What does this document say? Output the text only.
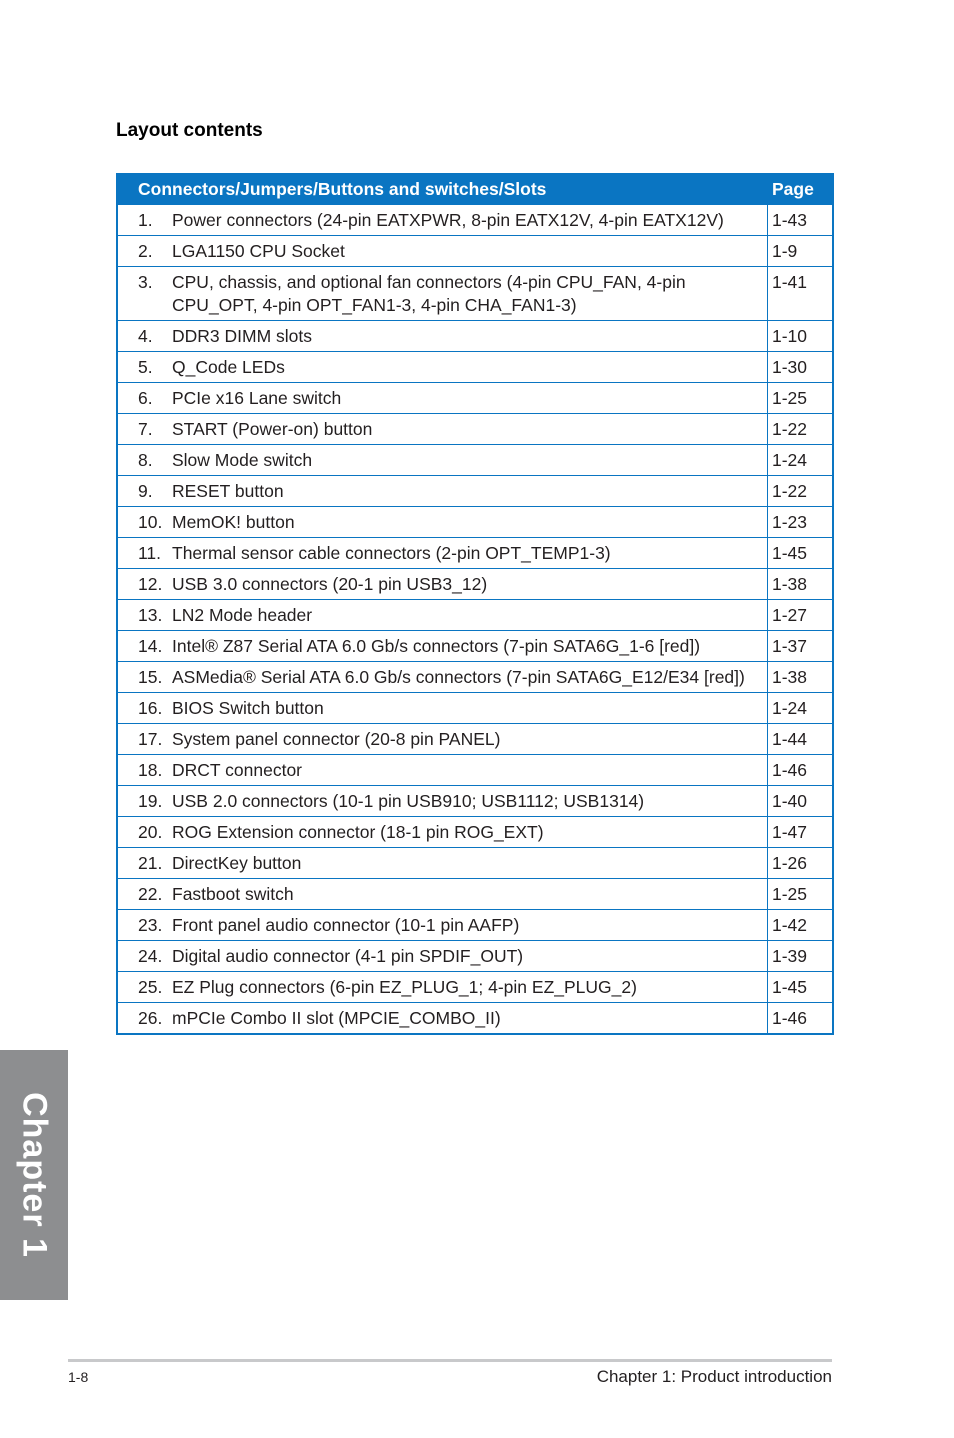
Layout contents
Connectors/Jumpers/Buttons and switches/Slots		Page
1.	Power connectors (24-pin EATXPWR, 8-pin EATX12V, 4-pin EATX12V)	1-43
2.	LGA1150 CPU Socket	1-9
3.	CPU, chassis, and optional fan connectors (4-pin CPU_FAN, 4-pin CPU_OPT, 4-pin OPT_FAN1-3, 4-pin CHA_FAN1-3)	1-41
4.	DDR3 DIMM slots	1-10
5.	Q_Code LEDs	1-30
6.	PCIe x16 Lane switch	1-25
7.	START (Power-on) button	1-22
8.	Slow Mode switch	1-24
9.	RESET button	1-22
10.	MemOK! button	1-23
11.	Thermal sensor cable connectors (2-pin OPT_TEMP1-3)	1-45
12.	USB 3.0 connectors (20-1 pin USB3_12)	1-38
13.	LN2 Mode header	1-27
14.	Intel® Z87 Serial ATA 6.0 Gb/s connectors (7-pin SATA6G_1-6 [red])	1-37
15.	ASMedia® Serial ATA 6.0 Gb/s connectors (7-pin SATA6G_E12/E34 [red])	1-38
16.	BIOS Switch button	1-24
17.	System panel connector (20-8 pin PANEL)	1-44
18.	DRCT connector	1-46
19.	USB 2.0 connectors (10-1 pin USB910; USB1112; USB1314)	1-40
20.	ROG Extension connector (18-1 pin ROG_EXT)	1-47
21.	DirectKey button	1-26
22.	Fastboot switch	1-25
23.	Front panel audio connector (10-1 pin AAFP)	1-42
24.	Digital audio connector (4-1 pin SPDIF_OUT)	1-39
25.	EZ Plug connectors (6-pin EZ_PLUG_1; 4-pin EZ_PLUG_2)	1-45
26.	mPCIe Combo II slot (MPCIE_COMBO_II)	1-46
Chapter 1
1-8	Chapter 1: Product introduction
